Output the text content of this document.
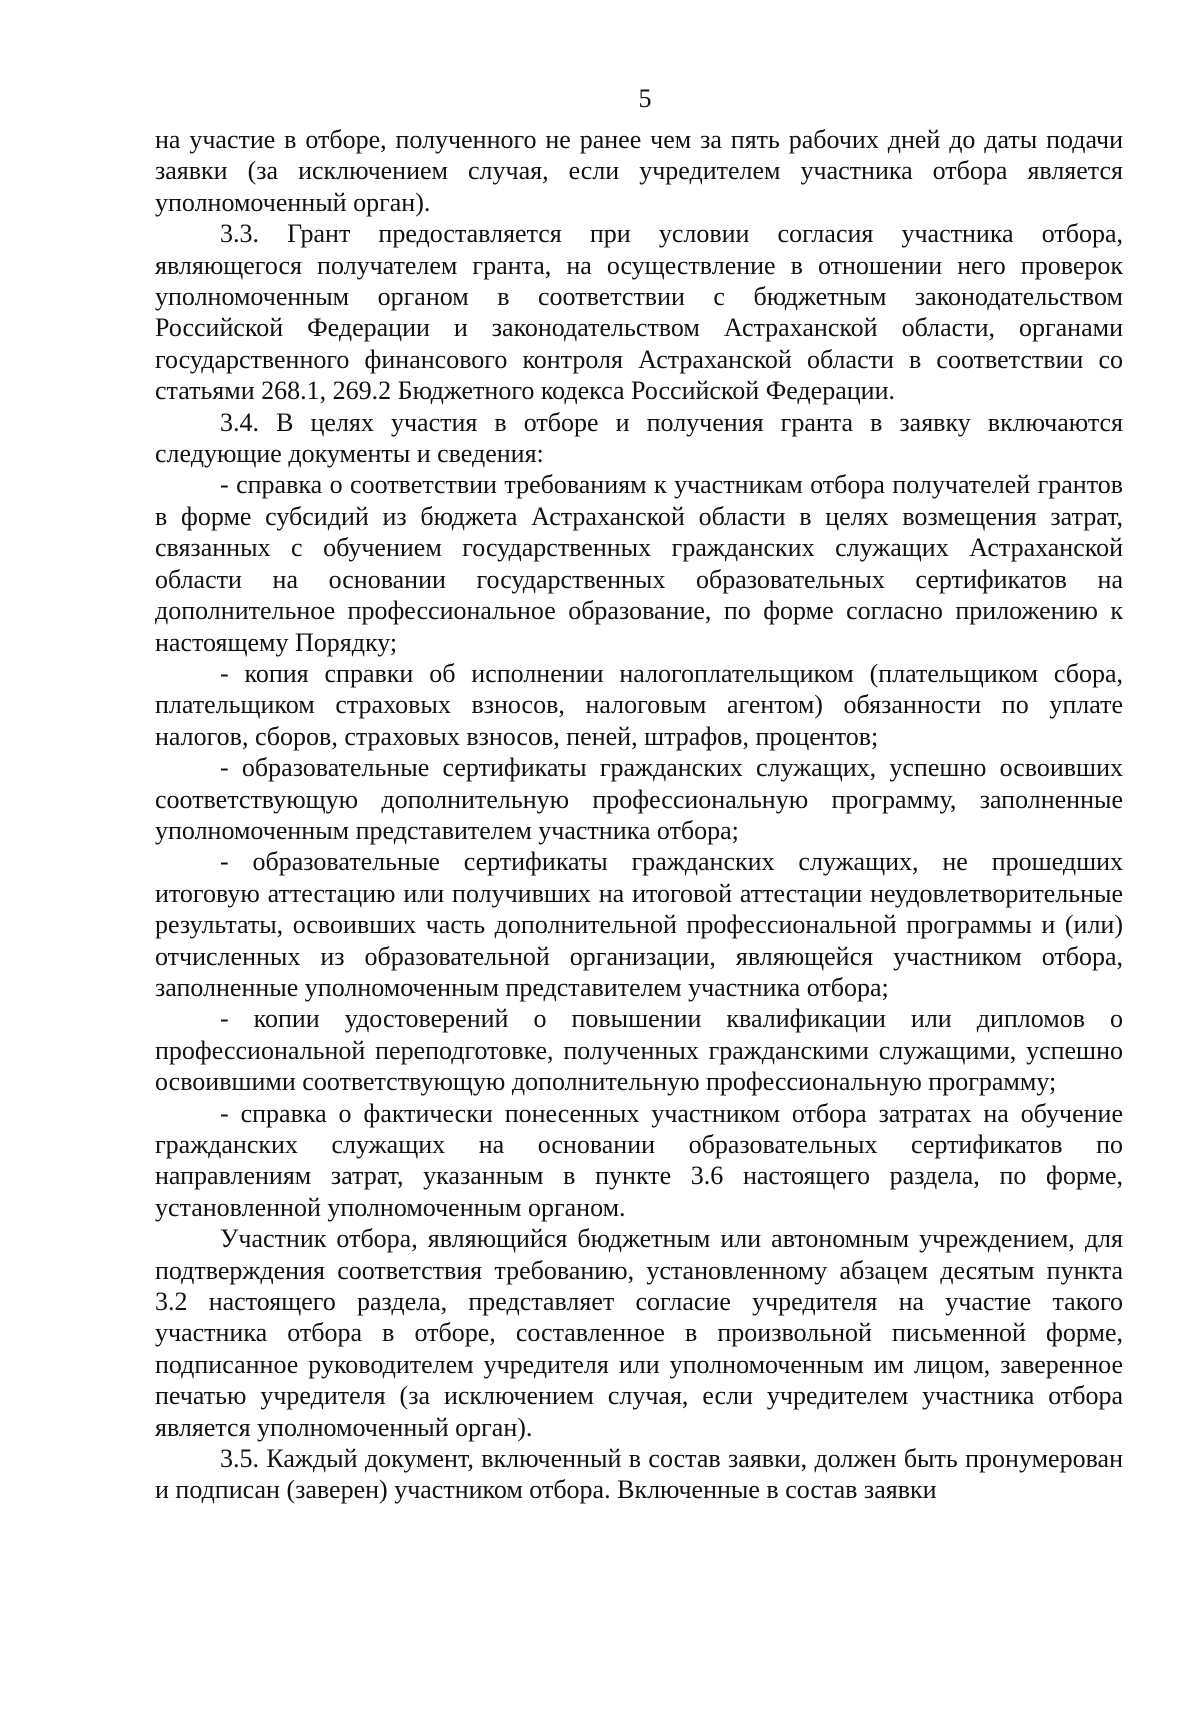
5

на участие в отборе, полученного не ранее чем за пять рабочих дней до даты подачи заявки (за исключением случая, если учредителем участника отбора является уполномоченный орган).

3.3. Грант предоставляется при условии согласия участника отбора, являющегося получателем гранта, на осуществление в отношении него проверок уполномоченным органом в соответствии с бюджетным законодательством Российской Федерации и законодательством Астраханской области, органами государственного финансового контроля Астраханской области в соответствии со статьями 268.1, 269.2 Бюджетного кодекса Российской Федерации.

3.4. В целях участия в отборе и получения гранта в заявку включаются следующие документы и сведения:

- справка о соответствии требованиям к участникам отбора получателей грантов в форме субсидий из бюджета Астраханской области в целях возмещения затрат, связанных с обучением государственных гражданских служащих Астраханской области на основании государственных образовательных сертификатов на дополнительное профессиональное образование, по форме согласно приложению к настоящему Порядку;

- копия справки об исполнении налогоплательщиком (плательщиком сбора, плательщиком страховых взносов, налоговым агентом) обязанности по уплате налогов, сборов, страховых взносов, пеней, штрафов, процентов;

- образовательные сертификаты гражданских служащих, успешно освоивших соответствующую дополнительную профессиональную программу, заполненные уполномоченным представителем участника отбора;

- образовательные сертификаты гражданских служащих, не прошедших итоговую аттестацию или получивших на итоговой аттестации неудовлетворительные результаты, освоивших часть дополнительной профессиональной программы и (или) отчисленных из образовательной организации, являющейся участником отбора, заполненные уполномоченным представителем участника отбора;

- копии удостоверений о повышении квалификации или дипломов о профессиональной переподготовке, полученных гражданскими служащими, успешно освоившими соответствующую дополнительную профессиональную программу;

- справка о фактически понесенных участником отбора затратах на обучение гражданских служащих на основании образовательных сертификатов по направлениям затрат, указанным в пункте 3.6 настоящего раздела, по форме, установленной уполномоченным органом.

Участник отбора, являющийся бюджетным или автономным учреждением, для подтверждения соответствия требованию, установленному абзацем десятым пункта 3.2 настоящего раздела, представляет согласие учредителя на участие такого участника отбора в отборе, составленное в произвольной письменной форме, подписанное руководителем учредителя или уполномоченным им лицом, заверенное печатью учредителя (за исключением случая, если учредителем участника отбора является уполномоченный орган).

3.5. Каждый документ, включенный в состав заявки, должен быть пронумерован и подписан (заверен) участником отбора. Включенные в состав заявки
